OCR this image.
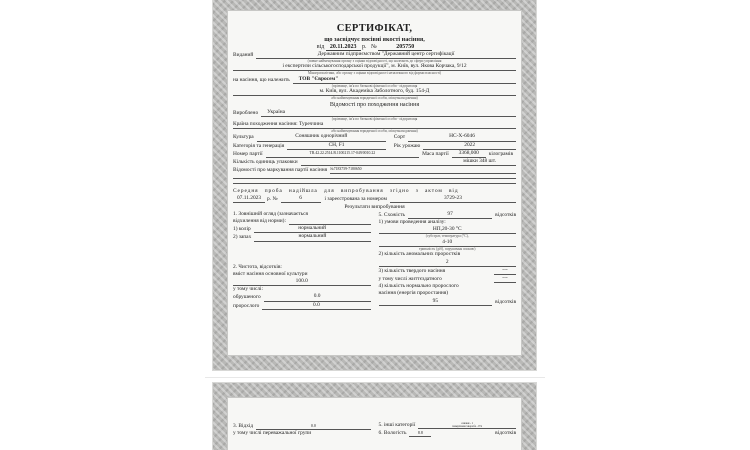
СЕРТИФІКАТ,
що засвідчує посівні якості насіння,
від 20.11.2023 р. №	205750
Виданий	Державним підприємством "Державний центр сертифікації
(повне найменування органу з оцінки відповідності, що належить до сфери управління
і експертизи сільськогосподарської продукції", м. Київ, вул. Якова Корчака, 9/12
Мінагрополітики, або органу з оцінки відповідності незалежного від форми власності)
на насіння, що належить	ТОВ "Євросем"
(прізвище, ім'я по батькові фізичної особи - підприємця
м. Київ, вул. Академіка Заболотного, буд. 154-Д
або найменування юридичної особи, місцезнаходження)
Відомості про походження насіння
Вироблено	Україна
(прізвище, ім'я по батькові фізичної особи - підприємця
Країна походження насіння: Туреччина
або найменування юридичної особи, місцезнаходження)
Культура	Соняшник однорічний
Категорія та генерація	CH, F1
Сорт	НС-Х-6046
Рік урожаю	2022
Номер партії	TR.42.22.2514.B.1100215.17-049/0010.22	Маса партії	3368,000	кілограмів
Кількість одиниць упаковки	мішки 348 шт.
Відомості про маркування партії насіння №7183759-7180650
Середня проба надійшла для випробування згідно з актом від
07.11.2023	р. №	6	і зареєстрована за номером	3729-23
Результати випробування
1. Зовнішній огляд (зазначається
відхилення від норми):
1) колір	нормальний
2) запах	нормальний
2. Чистота, відсотків:
вміст насіння основної культури
100.0
у тому числі:
обрушеного	0.0
пророслого	0.0
5. Схожість	97	відсотків
1) умови проведення аналізу:
НП,20-30 °С
(субстрат, температура (°С),
4-10
тривалість (діб), порушення спокою)
2) кількість аномальних проростків
2
3) кількість твердого насіння	---
у тому числі життєздатного	---
4) кількість нормально пророслого
насіння (енергія проростання)
95	відсотків
3. Відхід	0.0
у тому числі переважальної групи
5. інші категорії	ознаки - 1
поверхнева хвороба - 0%
6. Вологість	8.8	відсотків
